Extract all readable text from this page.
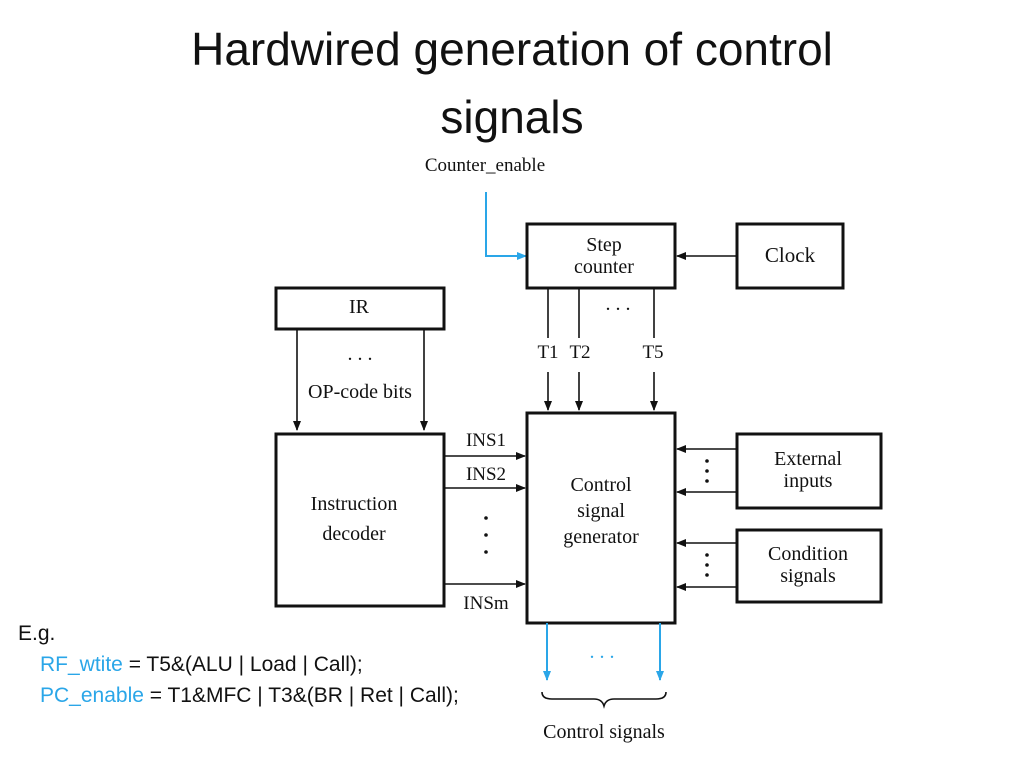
Hardwired generation of control
signals
Counter_enable
Step
counter	Clock
. . .
T1 T2	T5
IR
. . .
OP-code bits
Instruction
decoder
INS1
INS2
INSm
Control
signal
generator
External
inputs
Condition
signals
. . .
Control signals
E.g.
RF_wtite = T5&(ALU | Load | Call);
PC_enable = T1&MFC | T3&(BR | Ret | Call);
